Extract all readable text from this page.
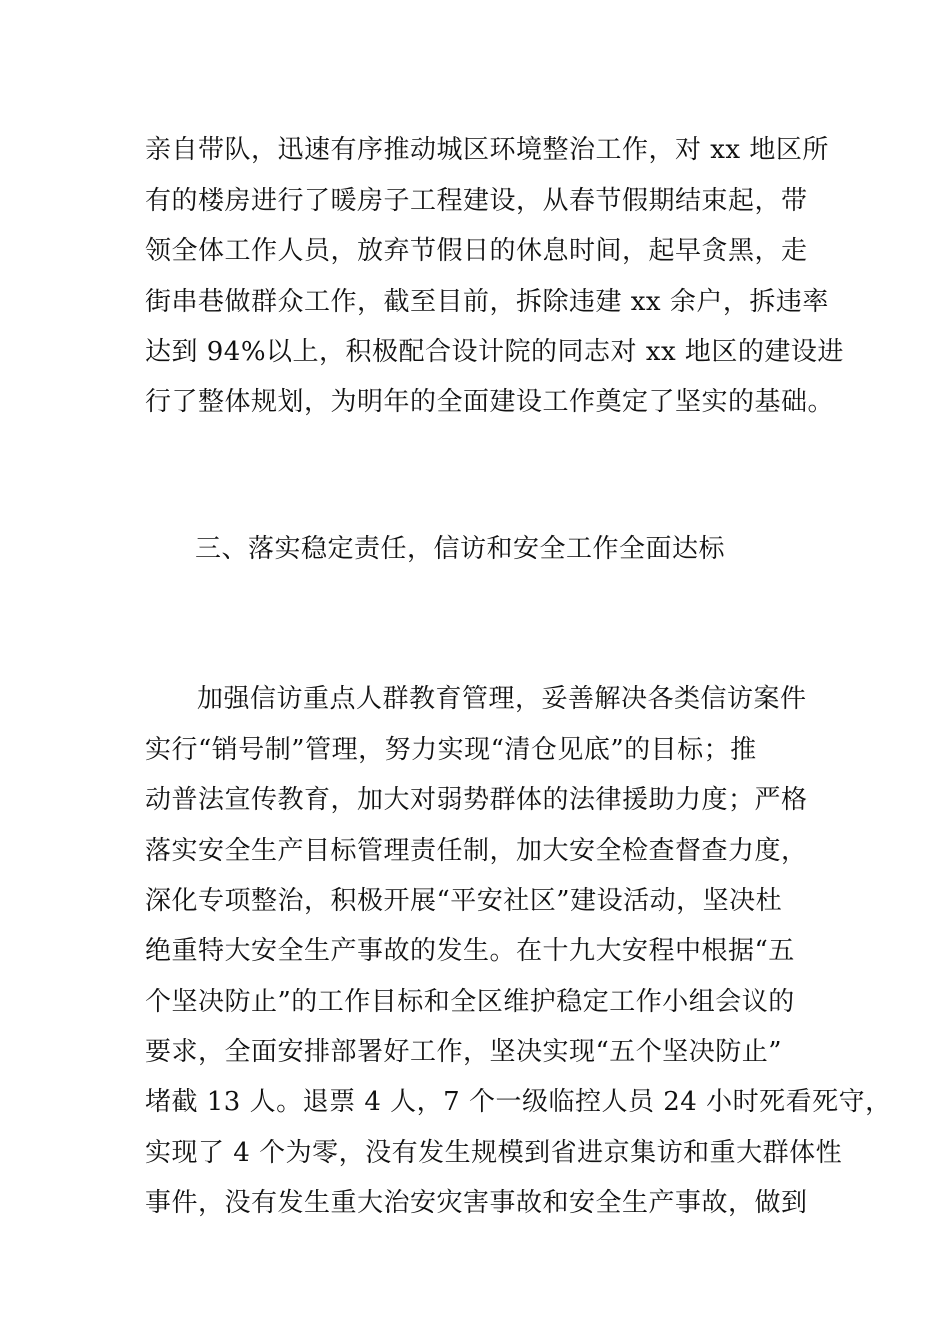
亲自带队，迅速有序推动城区环境整治工作，对 xx 地区所
有的楼房进行了暖房子工程建设，从春节假期结束起，带
领全体工作人员，放弃节假日的休息时间，起早贪黑，走
街串巷做群众工作，截至目前，拆除违建 xx 余户，拆违率
达到 94%以上，积极配合设计院的同志对 xx 地区的建设进
行了整体规划，为明年的全面建设工作奠定了坚实的基础。
三、落实稳定责任，信访和安全工作全面达标
加强信访重点人群教育管理，妥善解决各类信访案件
实行“销号制”管理，努力实现“清仓见底”的目标；推
动普法宣传教育，加大对弱势群体的法律援助力度；严格
落实安全生产目标管理责任制，加大安全检查督查力度，
深化专项整治，积极开展“平安社区”建设活动，坚决杜
绝重特大安全生产事故的发生。在十九大安程中根据“五
个坚决防止”的工作目标和全区维护稳定工作小组会议的
要求，全面安排部署好工作，坚决实现“五个坚决防止”
堵截 13 人。退票 4 人，7 个一级临控人员 24 小时死看死守，
实现了 4 个为零，没有发生规模到省进京集访和重大群体性
事件，没有发生重大治安灾害事故和安全生产事故，做到
